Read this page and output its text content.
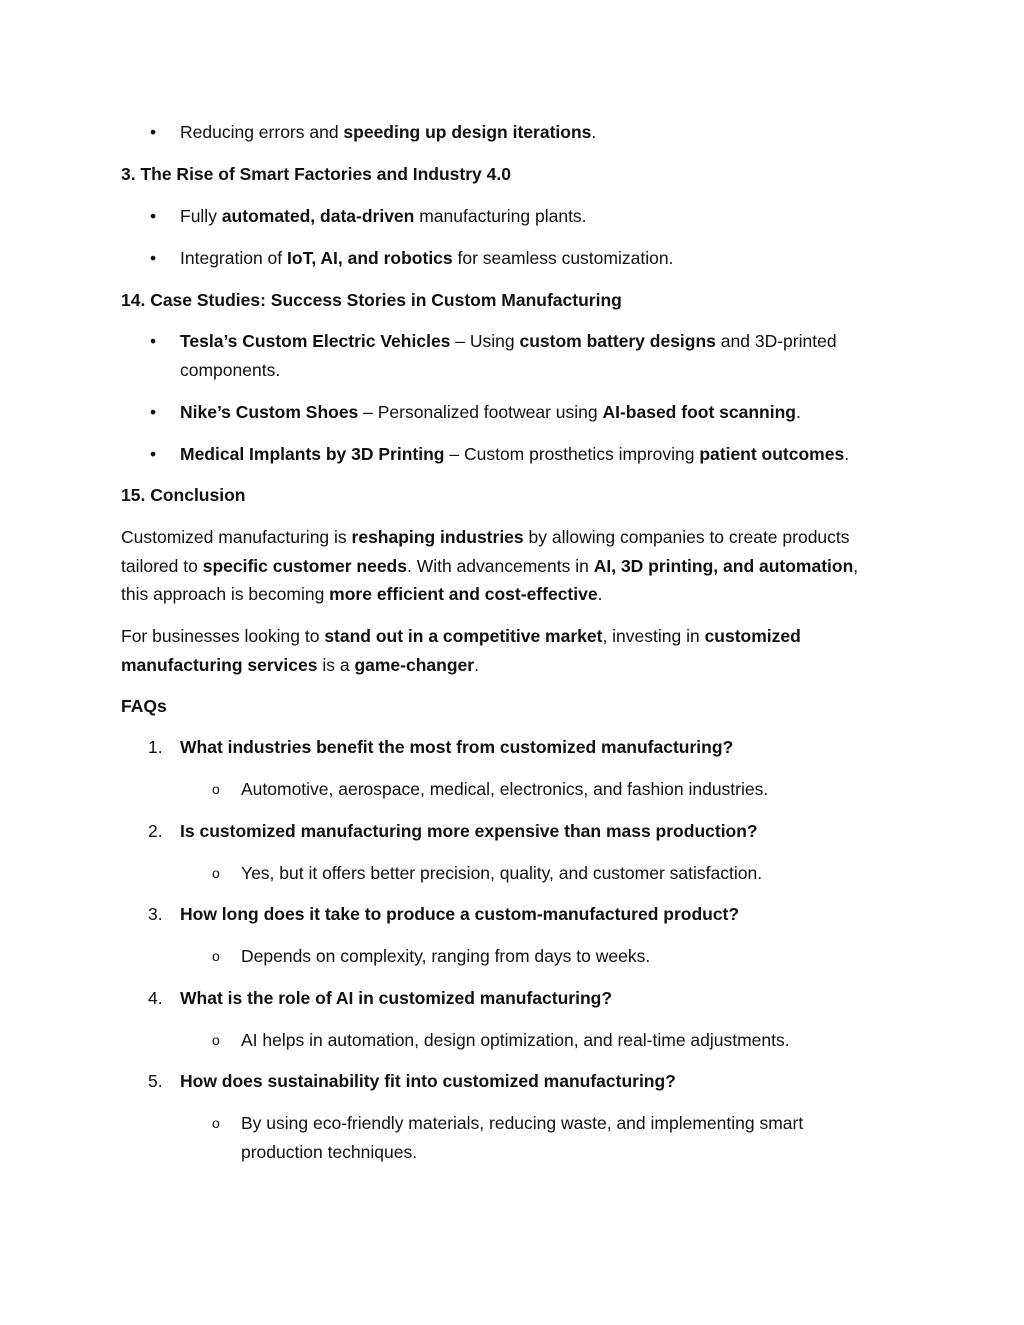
•	Reducing errors and speeding up design iterations.
3. The Rise of Smart Factories and Industry 4.0
•	Fully automated, data-driven manufacturing plants.
•	Integration of IoT, AI, and robotics for seamless customization.
14. Case Studies: Success Stories in Custom Manufacturing
•	Tesla’s Custom Electric Vehicles – Using custom battery designs and 3D-printed
components.
•	Nike’s Custom Shoes – Personalized footwear using AI-based foot scanning.
•	Medical Implants by 3D Printing – Custom prosthetics improving patient outcomes.
15. Conclusion
Customized manufacturing is reshaping industries by allowing companies to create products
tailored to specific customer needs. With advancements in AI, 3D printing, and automation,
this approach is becoming more efficient and cost-effective.
For businesses looking to stand out in a competitive market, investing in customized
manufacturing services is a game-changer.
FAQs
1. What industries benefit the most from customized manufacturing?
o Automotive, aerospace, medical, electronics, and fashion industries.
2. Is customized manufacturing more expensive than mass production?
o Yes, but it offers better precision, quality, and customer satisfaction.
3. How long does it take to produce a custom-manufactured product?
o Depends on complexity, ranging from days to weeks.
4. What is the role of AI in customized manufacturing?
o AI helps in automation, design optimization, and real-time adjustments.
5. How does sustainability fit into customized manufacturing?
o By using eco-friendly materials, reducing waste, and implementing smart
production techniques.
